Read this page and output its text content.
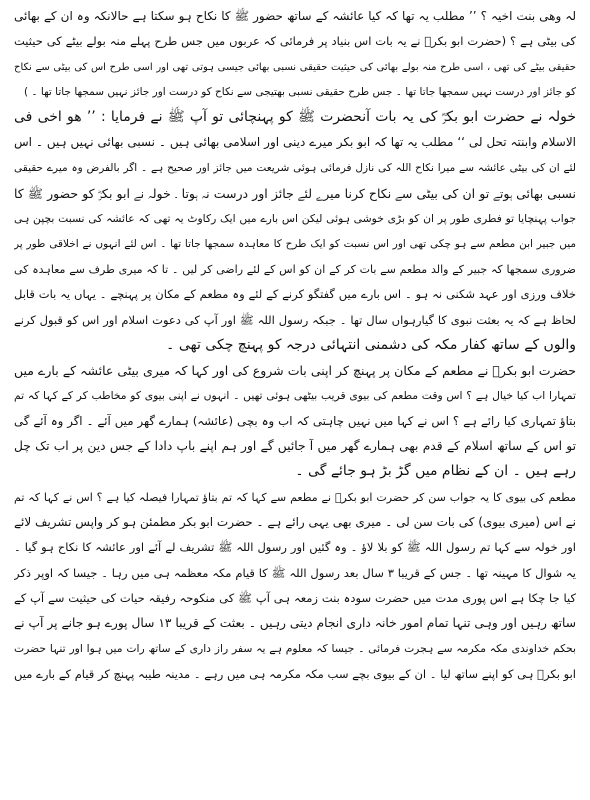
لہ وھی بنت اخیہ ؟ ’’ مطلب یہ تھا کہ کیا عائشہ کے ساتھ حضور ﷺ کا نکاح ہو سکتا ہے حالانکہ وہ ان کے بھائی
کی بیٹی ہے ؟ (حضرت ابو بکرؓ نے یہ بات اس بنیاد پر فرمائی کہ عربوں میں جس طرح پہلے منہ بولے بیٹے کی حیثیت
حقیقی بیٹے کی تھی ، اسی طرح منہ بولے بھائی کی حیثیت حقیقی نسبی بھائی جیسی ہوتی تھی اور اسی طرح اس کی بیٹی سے نکاح
کو جائز اور درست نہیں سمجھا جاتا تھا ۔ جس طرح حقیقی نسبی بھتیجی سے نکاح کو درست اور جائز نہیں سمجھا جاتا تھا ۔ )
خولہ نے حضرت ابو بکرؓ کی یہ بات آنحضرت ﷺ کو پہنچائی تو آپ ﷺ نے فرمایا : ’’ ھو اخی فی
الاسلام وابنتہ تحل لی ‘‘ مطلب یہ تھا کہ ابو بکر میرے دینی اور اسلامی بھائی ہیں ۔ نسبی بھائی نہیں ہیں ۔ اس
لئے ان کی بیٹی عائشہ سے میرا نکاح اللہ کی نازل فرمائی ہوئی شریعت میں جائز اور صحیح ہے ۔ اگر بالفرض وہ میرے حقیقی
نسبی بھائی ہوتے تو ان کی بیٹی سے نکاح کرنا میرے لئے جائز اور درست نہ ہوتا ۔ خولہ نے ابو بکرؓ کو حضور ﷺ کا
جواب پہنچایا تو فطری طور پر ان کو بڑی خوشی ہوئی لیکن اس بارے میں ایک رکاوٹ یہ تھی کہ عائشہ کی نسبت بچپن ہی
میں جبیر ابن مطعم سے ہو چکی تھی اور اس نسبت کو ایک طرح کا معاہدہ سمجھا جاتا تھا ۔ اس لئے انہوں نے اخلاقی طور پر
ضروری سمجھا کہ جبیر کے والد مطعم سے بات کر کے ان کو اس کے لئے راضی کر لیں ۔ تا کہ میری طرف سے معاہدہ کی
خلاف ورزی اور عہد شکنی نہ ہو ۔ اس بارے میں گفتگو کرنے کے لئے وہ مطعم کے مکان پر پہنچے ۔ یہاں یہ بات قابل
لحاظ ہے کہ یہ بعثت نبوی کا گیارہواں سال تھا ۔ جبکہ رسول اللہ ﷺ اور آپ کی دعوت اسلام اور اس کو قبول کرنے
والوں کے ساتھ کفار مکہ کی دشمنی انتہائی درجہ کو پہنچ چکی تھی ۔
حضرت ابو بکرؓ نے مطعم کے مکان پر پہنچ کر اپنی بات شروع کی اور کہا کہ میری بیٹی عائشہ کے بارے میں
تمہارا اب کیا خیال ہے ؟ اس وقت مطعم کی بیوی قریب بیٹھی ہوئی تھیں ۔ انہوں نے اپنی بیوی کو مخاطب کر کے کہا کہ تم
بتاؤ تمہاری کیا رائے ہے ؟ اس نے کہا میں نہیں چاہتی کہ اب وہ بچی (عائشہ) ہمارے گھر میں آئے ۔ اگر وہ آئے گی
تو اس کے ساتھ اسلام کے قدم بھی ہمارے گھر میں آ جائیں گے اور ہم اپنے باپ دادا کے جس دین پر اب تک چل
رہے ہیں ۔ ان کے نظام میں گڑ بڑ ہو جائے گی ۔
مطعم کی بیوی کا یہ جواب سن کر حضرت ابو بکرؓ نے مطعم سے کہا کہ تم بتاؤ تمہارا فیصلہ کیا ہے ؟ اس نے کہا کہ تم
نے اس (میری بیوی) کی بات سن لی ۔ میری بھی یہی رائے ہے ۔ حضرت ابو بکر مطمئن ہو کر واپس تشریف لائے
اور خولہ سے کہا تم رسول اللہ ﷺ کو بلا لاؤ ۔ وہ گئیں اور رسول اللہ ﷺ تشریف لے آئے اور عائشہ کا نکاح ہو گیا ۔
یہ شوال کا مہینہ تھا ۔ جس کے قریبا ۳ سال بعد رسول اللہ ﷺ کا قیام مکہ معظمہ ہی میں رہا ۔ جیسا کہ اوپر ذکر
کیا جا چکا ہے اس پوری مدت میں حضرت سودہ بنت زمعہ ہی آپ ﷺ کی منکوحہ رفیقہ حیات کی حیثیت سے آپ کے
ساتھ رہیں اور وہی تنہا تمام امور خانہ داری انجام دیتی رہیں ۔ بعثت کے قریبا ۱۳ سال پورے ہو جانے پر آپ نے
بحکم خداوندی مکہ مکرمہ سے ہجرت فرمائی ۔ جیسا کہ معلوم ہے یہ سفر راز داری کے ساتھ رات میں ہوا اور تنہا حضرت
ابو بکرؓ ہی کو اپنے ساتھ لیا ۔ ان کے بیوی بچے سب مکہ مکرمہ ہی میں رہے ۔ مدینہ طیبہ پہنچ کر قیام کے بارے میں
